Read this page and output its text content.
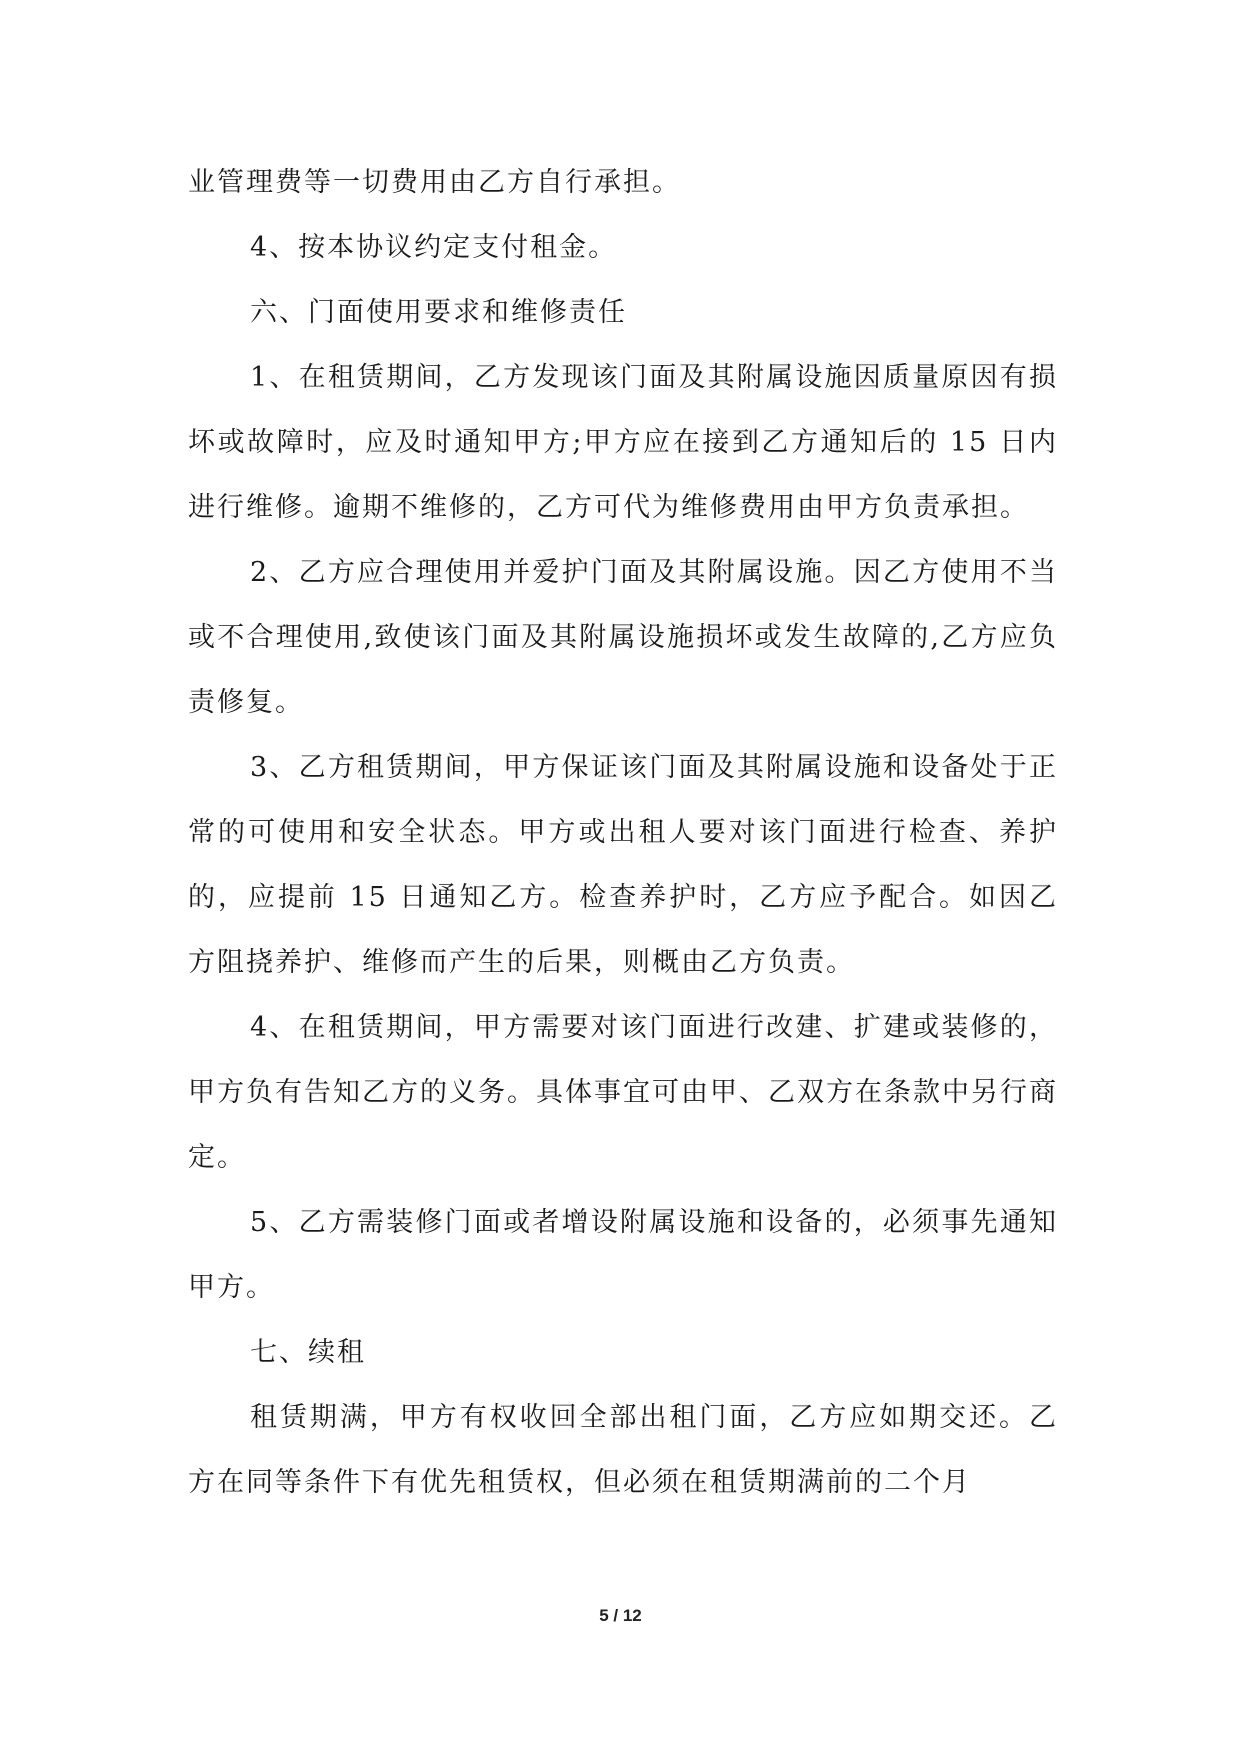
业管理费等一切费用由乙方自行承担。

4、按本协议约定支付租金。

六、门面使用要求和维修责任

1、在租赁期间，乙方发现该门面及其附属设施因质量原因有损坏或故障时，应及时通知甲方;甲方应在接到乙方通知后的 15 日内进行维修。逾期不维修的，乙方可代为维修费用由甲方负责承担。

2、乙方应合理使用并爱护门面及其附属设施。因乙方使用不当或不合理使用,致使该门面及其附属设施损坏或发生故障的,乙方应负责修复。

3、乙方租赁期间，甲方保证该门面及其附属设施和设备处于正常的可使用和安全状态。甲方或出租人要对该门面进行检查、养护的，应提前 15 日通知乙方。检查养护时，乙方应予配合。如因乙方阻挠养护、维修而产生的后果，则概由乙方负责。

4、在租赁期间，甲方需要对该门面进行改建、扩建或装修的，甲方负有告知乙方的义务。具体事宜可由甲、乙双方在条款中另行商定。

5、乙方需装修门面或者增设附属设施和设备的，必须事先通知甲方。

七、续租

租赁期满，甲方有权收回全部出租门面，乙方应如期交还。乙方在同等条件下有优先租赁权，但必须在租赁期满前的二个月

5 / 12
